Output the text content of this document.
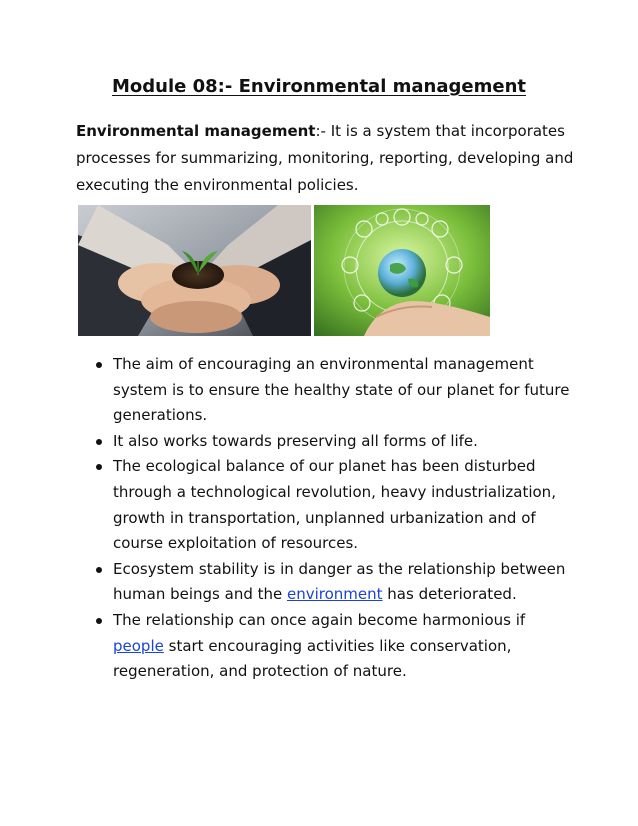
Module 08:- Environmental management

Environmental management:- It is a system that incorporates processes for summarizing, monitoring, reporting, developing and executing the environmental policies.

The aim of encouraging an environmental management system is to ensure the healthy state of our planet for future generations.
It also works towards preserving all forms of life.
The ecological balance of our planet has been disturbed through a technological revolution, heavy industrialization, growth in transportation, unplanned urbanization and of course exploitation of resources.
Ecosystem stability is in danger as the relationship between human beings and the environment has deteriorated.
The relationship can once again become harmonious if people start encouraging activities like conservation, regeneration, and protection of nature.
